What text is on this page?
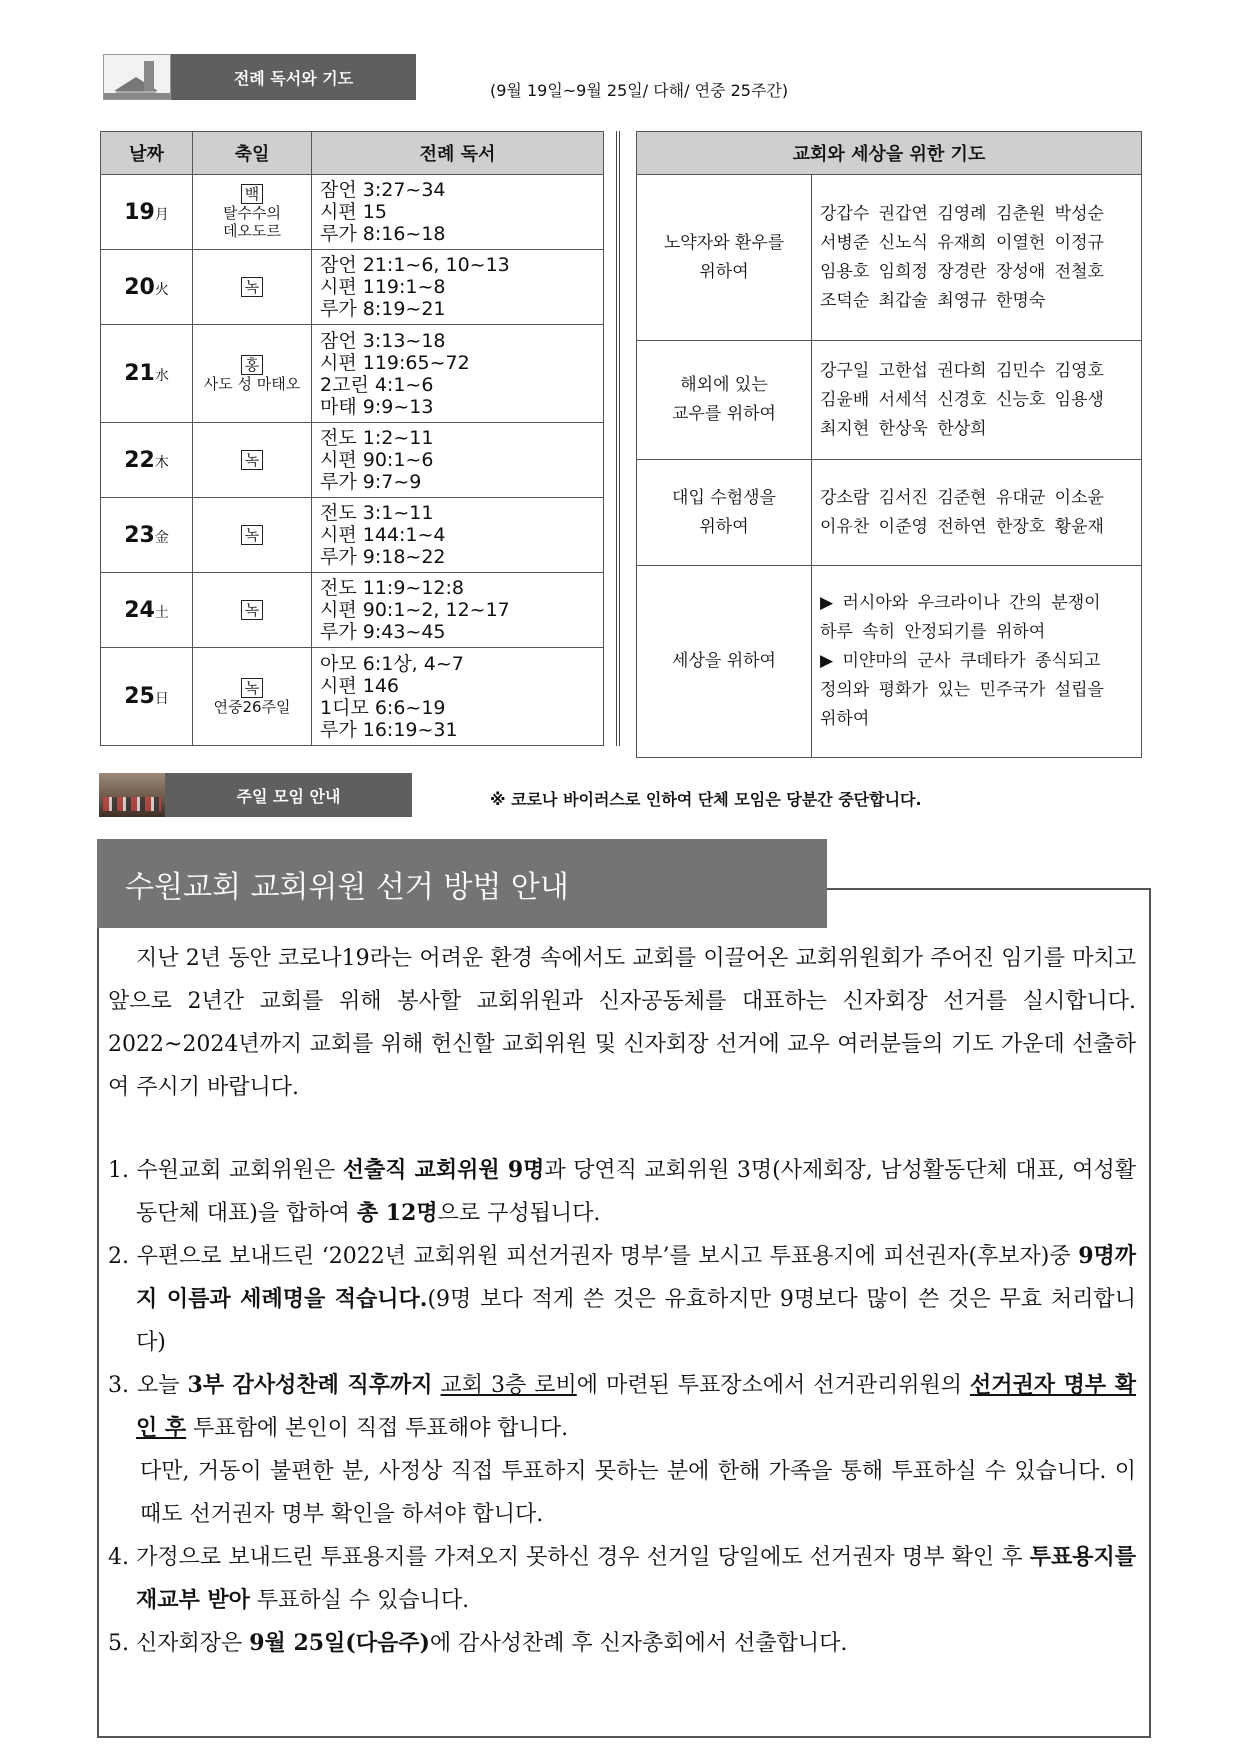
전례 독서와 기도
(9월 19일~9월 25일/ 다해/ 연중 25주간)
날짜	축일	전례 독서
19月	백
탈수수의
데오도르	잠언 3:27~34
시편 15
루가 8:16~18
20火	녹	잠언 21:1~6, 10~13
시편 119:1~8
루가 8:19~21
21水	홍
사도 성 마태오	잠언 3:13~18
시편 119:65~72
2고린 4:1~6
마태 9:9~13
22木	녹	전도 1:2~11
시편 90:1~6
루가 9:7~9
23金	녹	전도 3:1~11
시편 144:1~4
루가 9:18~22
24土	녹	전도 11:9~12:8
시편 90:1~2, 12~17
루가 9:43~45
25日	녹
연중26주일	아모 6:1상, 4~7
시편 146
1디모 6:6~19
루가 16:19~31
교회와 세상을 위한 기도	
노약자와 환우를
위하여	강갑수 권갑연 김영례 김춘원 박성순
서병준 신노식 유재희 이열헌 이정규
임용호 임희정 장경란 장성애 전철호
조덕순 최갑술 최영규 한명숙
해외에 있는
교우를 위하여	강구일 고한섭 권다희 김민수 김영호
김윤배 서세석 신경호 신능호 임용생
최지현 한상욱 한상희
대입 수험생을
위하여	강소람 김서진 김준현 유대균 이소윤
이유찬 이준영 전하연 한장호 황윤재
세상을 위하여	▶ 러시아와 우크라이나 간의 분쟁이
하루 속히 안정되기를 위하여
▶ 미얀마의 군사 쿠데타가 종식되고
정의와 평화가 있는 민주국가 설립을
위하여
주일 모임 안내	※ 코로나 바이러스로 인하여 단체 모임은 당분간 중단합니다.
수원교회 교회위원 선거 방법 안내

지난 2년 동안 코로나19라는 어려운 환경 속에서도 교회를 이끌어온 교회위원회가 주어진 임기를 마치고 앞으로 2년간 교회를 위해 봉사할 교회위원과 신자공동체를 대표하는 신자회장 선거를 실시합니다. 2022~2024년까지 교회를 위해 헌신할 교회위원 및 신자회장 선거에 교우 여러분들의 기도 가운데 선출하여 주시기 바랍니다.

1. 수원교회 교회위원은 선출직 교회위원 9명과 당연직 교회위원 3명(사제회장, 남성활동단체 대표, 여성활동단체 대표)을 합하여 총 12명으로 구성됩니다.
2. 우편으로 보내드린 ‘2022년 교회위원 피선거권자 명부’를 보시고 투표용지에 피선권자(후보자)중 9명까지 이름과 세례명을 적습니다.(9명 보다 적게 쓴 것은 유효하지만 9명보다 많이 쓴 것은 무효 처리합니다)
3. 오늘 3부 감사성찬례 직후까지 교회 3층 로비에 마련된 투표장소에서 선거관리위원의 선거권자 명부 확인 후 투표함에 본인이 직접 투표해야 합니다.
다만, 거동이 불편한 분, 사정상 직접 투표하지 못하는 분에 한해 가족을 통해 투표하실 수 있습니다. 이때도 선거권자 명부 확인을 하셔야 합니다.
4. 가정으로 보내드린 투표용지를 가져오지 못하신 경우 선거일 당일에도 선거권자 명부 확인 후 투표용지를 재교부 받아 투표하실 수 있습니다.
5. 신자회장은 9월 25일(다음주)에 감사성찬례 후 신자총회에서 선출합니다.
